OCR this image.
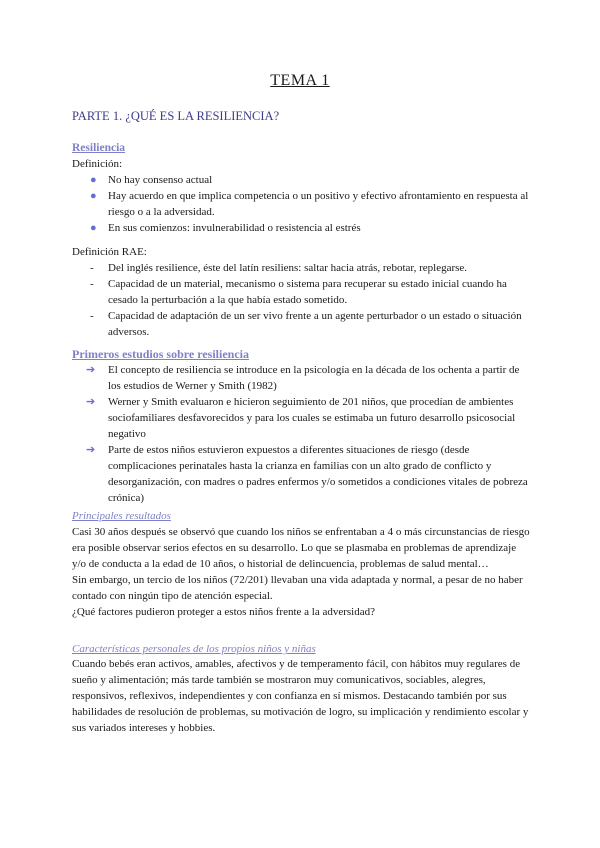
TEMA 1
PARTE 1. ¿QUÉ ES LA RESILIENCIA?
Resiliencia

Definición:

● No hay consenso actual
● Hay acuerdo en que implica competencia o un positivo y efectivo afrontamiento en respuesta al riesgo o a la adversidad.
● En sus comienzos: invulnerabilidad o resistencia al estrés

Definición RAE:

- Del inglés resilience, éste del latín resiliens: saltar hacia atrás, rebotar, replegarse.
- Capacidad de un material, mecanismo o sistema para recuperar su estado inicial cuando ha cesado la perturbación a la que había estado sometido.
- Capacidad de adaptación de un ser vivo frente a un agente perturbador o un estado o situación adversos.
Primeros estudios sobre resiliencia
➔ El concepto de resiliencia se introduce en la psicología en la década de los ochenta a partir de los estudios de Werner y Smith (1982)
➔ Werner y Smith evaluaron e hicieron seguimiento de 201 niños, que procedían de ambientes sociofamiliares desfavorecidos y para los cuales se estimaba un futuro desarrollo psicosocial negativo
➔ Parte de estos niños estuvieron expuestos a diferentes situaciones de riesgo (desde complicaciones perinatales hasta la crianza en familias con un alto grado de conflicto y desorganización, con madres o padres enfermos y/o sometidos a condiciones vitales de pobreza crónica)
Principales resultados

Casi 30 años después se observó que cuando los niños se enfrentaban a 4 o más circunstancias de riesgo era posible observar serios efectos en su desarrollo. Lo que se plasmaba en problemas de aprendizaje y/o de conducta a la edad de 10 años, o historial de delincuencia, problemas de salud mental…

Sin embargo, un tercio de los niños (72/201) llevaban una vida adaptada y normal, a pesar de no haber contado con ningún tipo de atención especial.

¿Qué factores pudieron proteger a estos niños frente a la adversidad?

Características personales de los propios niños y niñas

Cuando bebés eran activos, amables, afectivos y de temperamento fácil, con hábitos muy regulares de sueño y alimentación; más tarde también se mostraron muy comunicativos, sociables, alegres, responsivos, reflexivos, independientes y con confianza en sí mismos. Destacando también por sus habilidades de resolución de problemas, su motivación de logro, su implicación y rendimiento escolar y sus variados intereses y hobbies.
